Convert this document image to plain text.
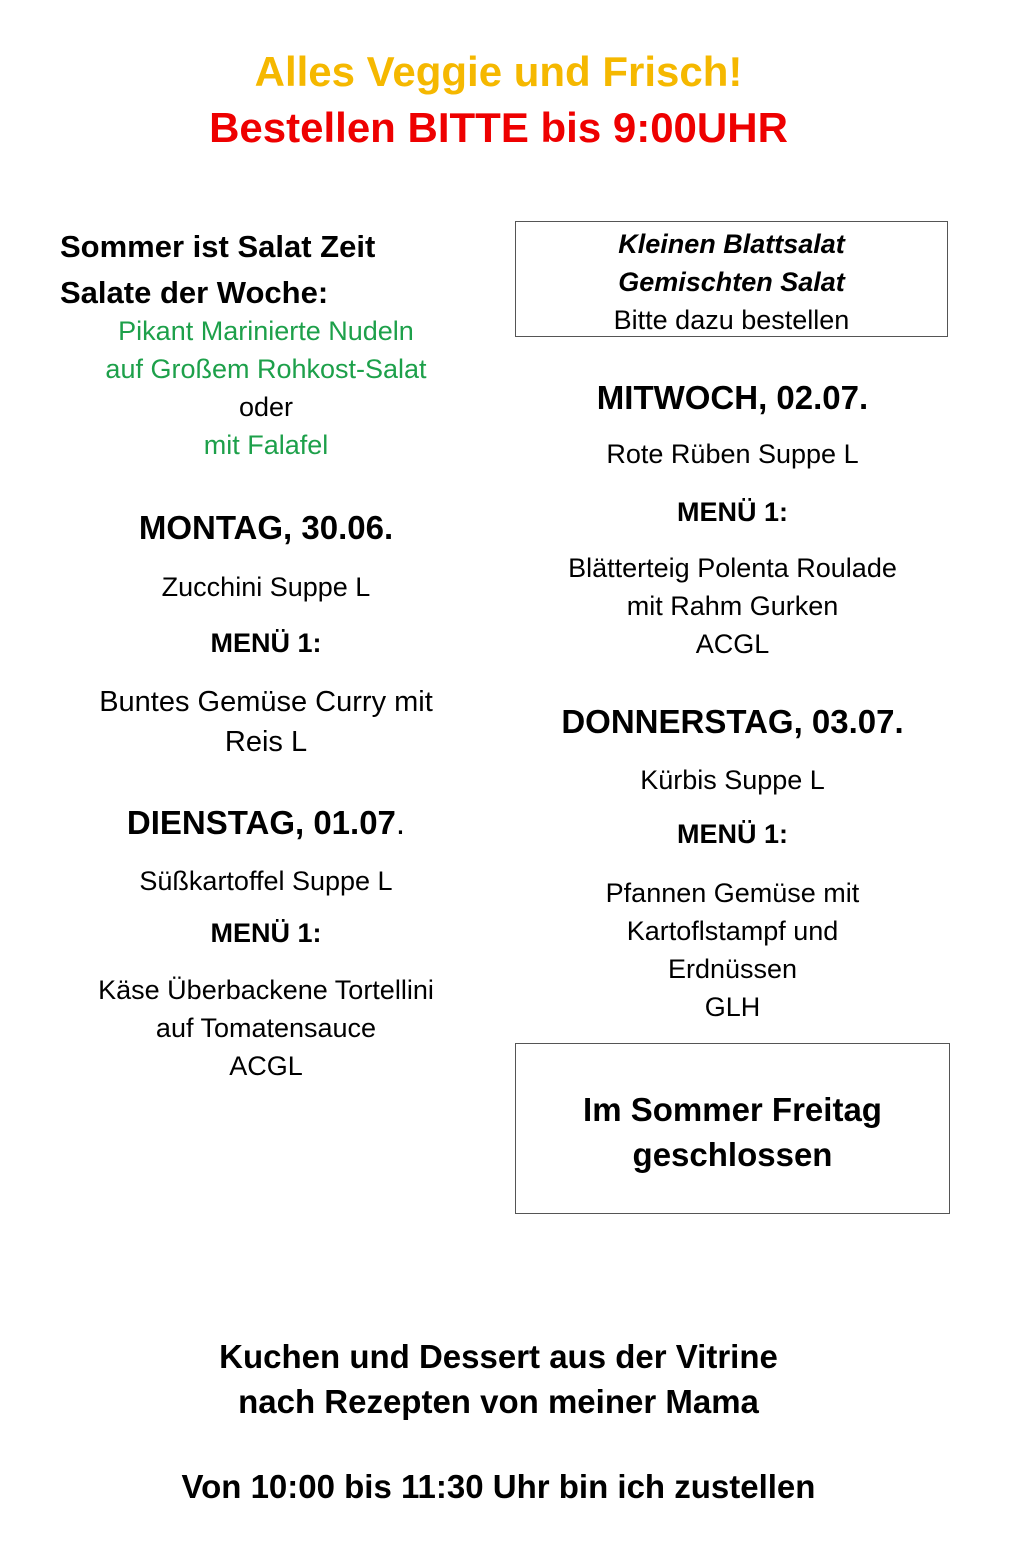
Alles Veggie und Frisch!
Bestellen BITTE bis 9:00UHR
Sommer ist Salat Zeit
Salate der Woche:
Pikant Marinierte Nudeln
auf Großem Rohkost-Salat
oder
mit Falafel
Kleinen Blattsalat
Gemischten Salat
Bitte dazu bestellen
MONTAG, 30.06.
Zucchini Suppe L
MENÜ 1:
Buntes Gemüse Curry mit
Reis L
DIENSTAG, 01.07.
Süßkartoffel Suppe L
MENÜ 1:
Käse Überbackene Tortellini
auf Tomatensauce
ACGL
MITWOCH, 02.07.
Rote Rüben Suppe L
MENÜ 1:
Blätterteig Polenta Roulade
mit Rahm Gurken
ACGL
DONNERSTAG, 03.07.
Kürbis Suppe L
MENÜ 1:
Pfannen Gemüse mit
Kartoflstampf und
Erdnüssen
GLH
Im Sommer Freitag
geschlossen
Kuchen und Dessert aus der Vitrine
nach Rezepten von meiner Mama
Von 10:00 bis 11:30 Uhr bin ich zustellen
